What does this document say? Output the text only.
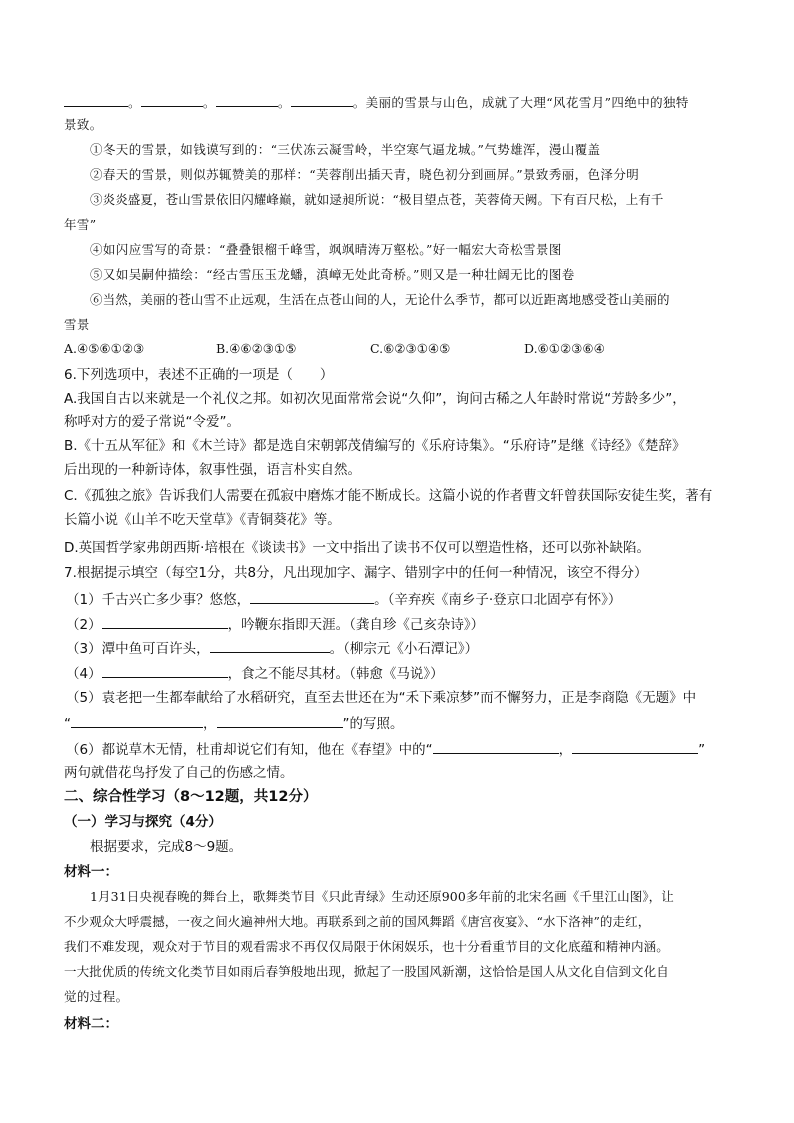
。	。	。	。美丽的雪景与山色，成就了大理“风花雪月”四绝中的独特
景致。
①冬天的雪景，如钱谟写到的：“三伏冻云凝雪岭，半空寒气逼龙城。”气势雄浑，漫山覆盖
②春天的雪景，则似苏辄赞美的那样：“芙蓉削出插天青，晓色初分到画屏。”景致秀丽，色泽分明
③炎炎盛夏，苍山雪景依旧闪耀峰巅，就如逯昶所说：“极目望点苍，芙蓉倚天阙。下有百尺松，上有千
年雪”
④如闪应雪写的奇景：“叠叠银榴千峰雪，飒飒晴涛万壑松。”好一幅宏大奇松雪景图
⑤又如吴嗣仲描绘：“经古雪压玉龙蟠，滇嶂无处此奇桥。”则又是一种壮阔无比的图卷
⑥当然，美丽的苍山雪不止远观，生活在点苍山间的人，无论什么季节，都可以近距离地感受苍山美丽的
雪景
A.④⑤⑥①②③	B.④⑥②③①⑤	C.⑥②③①④⑤	D.⑥①②③⑥④
6.下列选项中，表述不正确的一项是（　　）
A.我国自古以来就是一个礼仪之邦。如初次见面常常会说“久仰”，询问古稀之人年龄时常说“芳龄多少”，
称呼对方的爱子常说“令爱”。
B.《十五从军征》和《木兰诗》都是选自宋朝郭茂倩编写的《乐府诗集》。“乐府诗”是继《诗经》《楚辞》
后出现的一种新诗体，叙事性强，语言朴实自然。
C.《孤独之旅》告诉我们人需要在孤寂中磨炼才能不断成长。这篇小说的作者曹文轩曾获国际安徒生奖，著有
长篇小说《山羊不吃天堂草》《青铜葵花》等。
D.英国哲学家弗朗西斯·培根在《谈读书》一文中指出了读书不仅可以塑造性格，还可以弥补缺陷。
7.根据提示填空（每空1分，共8分，凡出现加字、漏字、错别字中的任何一种情况，该空不得分）
（1）千古兴亡多少事？悠悠，	。（辛弃疾《南乡子·登京口北固亭有怀》）
（2）	，吟鞭东指即天涯。（龚自珍《己亥杂诗》）
（3）潭中鱼可百许头，	。（柳宗元《小石潭记》）
（4）	，食之不能尽其材。（韩愈《马说》）
（5）袁老把一生都奉献给了水稻研究，直至去世还在为“禾下乘凉梦”而不懈努力，正是李商隐《无题》中
“	，	”的写照。
（6）都说草木无情，杜甫却说它们有知，他在《春望》中的“	，	”
两句就借花鸟抒发了自己的伤感之情。
二、综合性学习（8～12题，共12分）
（一）学习与探究（4分）
根据要求，完成8～9题。
材料一：
1月31日央视春晚的舞台上，歌舞类节目《只此青绿》生动还原900多年前的北宋名画《千里江山图》，让
不少观众大呼震撼，一夜之间火遍神州大地。再联系到之前的国风舞蹈《唐宫夜宴》、“水下洛神”的走红，
我们不难发现，观众对于节目的观看需求不再仅仅局限于休闲娱乐，也十分看重节目的文化底蕴和精神内涵。
一大批优质的传统文化类节目如雨后春笋般地出现，掀起了一股国风新潮，这恰恰是国人从文化自信到文化自
觉的过程。
材料二：
